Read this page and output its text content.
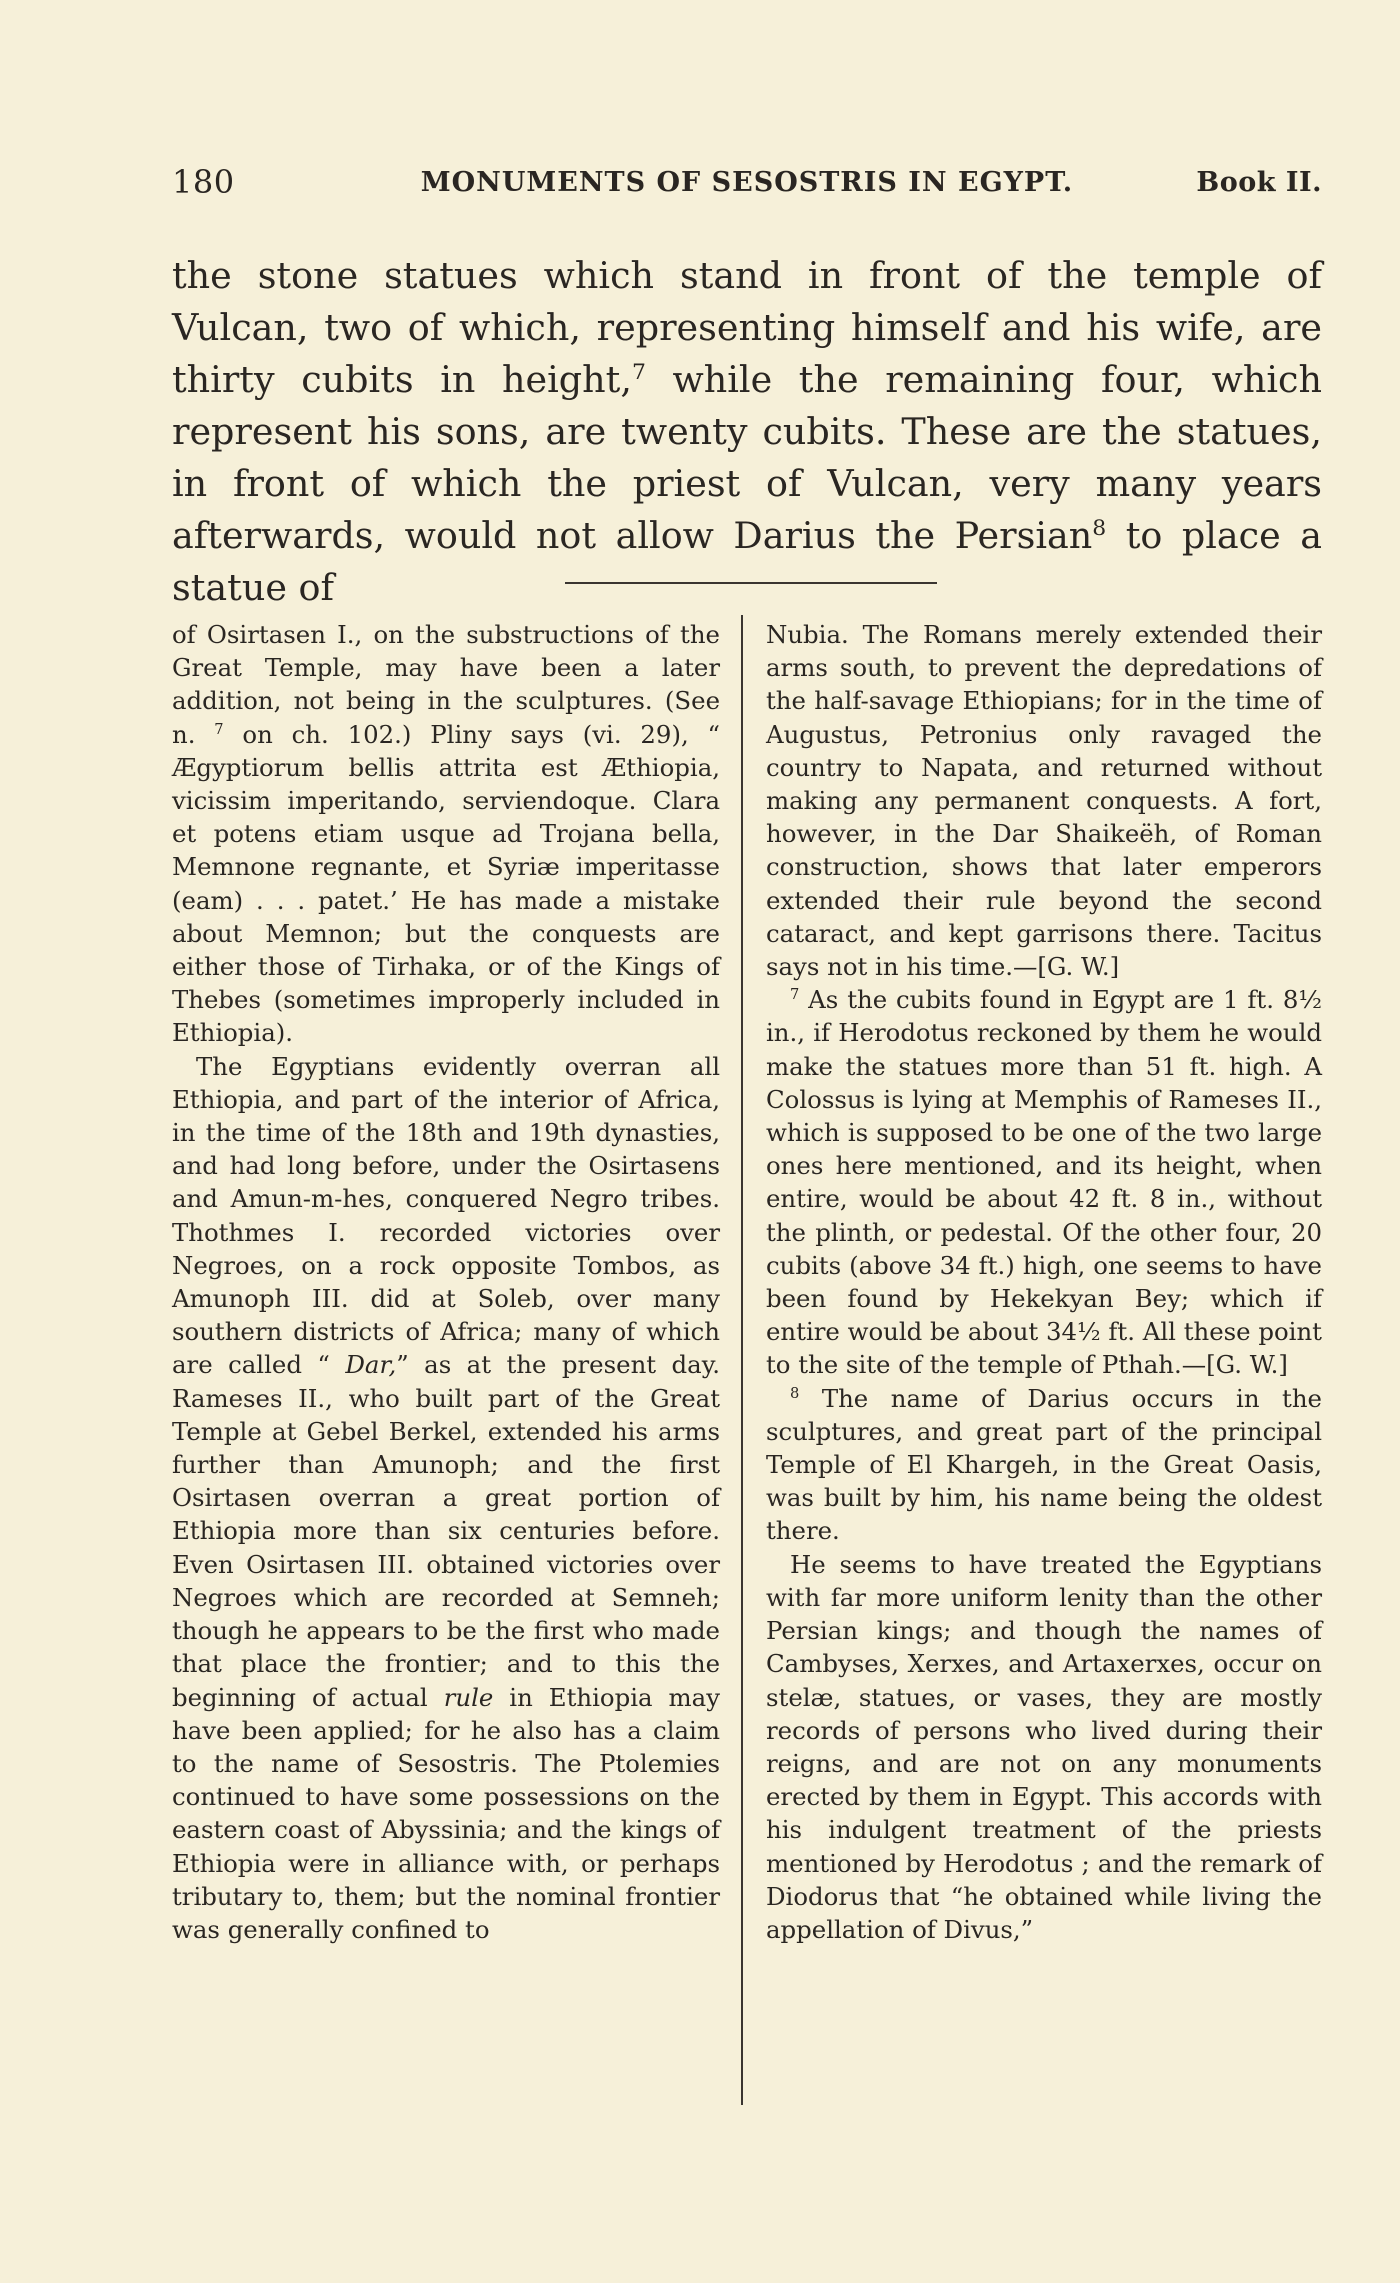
180	MONUMENTS OF SESOSTRIS IN EGYPT.	Book II.

the stone statues which stand in front of the temple of Vulcan, two of which, representing himself and his wife, are thirty cubits in height,$^7$ while the remaining four, which represent his sons, are twenty cubits. These are the statues, in front of which the priest of Vulcan, very many years afterwards, would not allow Darius the Persian$^8$ to place a statue of

of Osirtasen I., on the substructions of the Great Temple, may have been a later addition, not being in the sculptures. (See n. $^7$ on ch. 102.) Pliny says (vi. 29), “ Ægyptiorum bellis attrita est Æthiopia, vicissim imperitando, serviendoque. Clara et potens etiam usque ad Trojana bella, Memnone regnante, et Syriæ imperitasse (eam) . . . patet.’ He has made a mistake about Memnon; but the conquests are either those of Tirhaka, or of the Kings of Thebes (sometimes improperly included in Ethiopia).

The Egyptians evidently overran all Ethiopia, and part of the interior of Africa, in the time of the 18th and 19th dynasties, and had long before, under the Osirtasens and Amun-m-hes, conquered Negro tribes. Thothmes I. recorded victories over Negroes, on a rock opposite Tombos, as Amunoph III. did at Soleb, over many southern districts of Africa; many of which are called “ Dar,” as at the present day. Rameses II., who built part of the Great Temple at Gebel Berkel, extended his arms further than Amunoph; and the first Osirtasen overran a great portion of Ethiopia more than six centuries before. Even Osirtasen III. obtained victories over Negroes which are recorded at Semneh; though he appears to be the first who made that place the frontier; and to this the beginning of actual rule in Ethiopia may have been applied; for he also has a claim to the name of Sesostris. The Ptolemies continued to have some possessions on the eastern coast of Abyssinia; and the kings of Ethiopia were in alliance with, or perhaps tributary to, them; but the nominal frontier was generally confined to

Nubia. The Romans merely extended their arms south, to prevent the depredations of the half-savage Ethiopians; for in the time of Augustus, Petronius only ravaged the country to Napata, and returned without making any permanent conquests. A fort, however, in the Dar Shaikeëh, of Roman construction, shows that later emperors extended their rule beyond the second cataract, and kept garrisons there. Tacitus says not in his time.—[G. W.]

$^7$ As the cubits found in Egypt are 1 ft. 8½ in., if Herodotus reckoned by them he would make the statues more than 51 ft. high. A Colossus is lying at Memphis of Rameses II., which is supposed to be one of the two large ones here mentioned, and its height, when entire, would be about 42 ft. 8 in., without the plinth, or pedestal. Of the other four, 20 cubits (above 34 ft.) high, one seems to have been found by Hekekyan Bey; which if entire would be about 34½ ft. All these point to the site of the temple of Pthah.—[G. W.]

$^8$ The name of Darius occurs in the sculptures, and great part of the principal Temple of El Khargeh, in the Great Oasis, was built by him, his name being the oldest there.

He seems to have treated the Egyptians with far more uniform lenity than the other Persian kings; and though the names of Cambyses, Xerxes, and Artaxerxes, occur on stelæ, statues, or vases, they are mostly records of persons who lived during their reigns, and are not on any monuments erected by them in Egypt. This accords with his indulgent treatment of the priests mentioned by Herodotus ; and the remark of Diodorus that “he obtained while living the appellation of Divus,”
